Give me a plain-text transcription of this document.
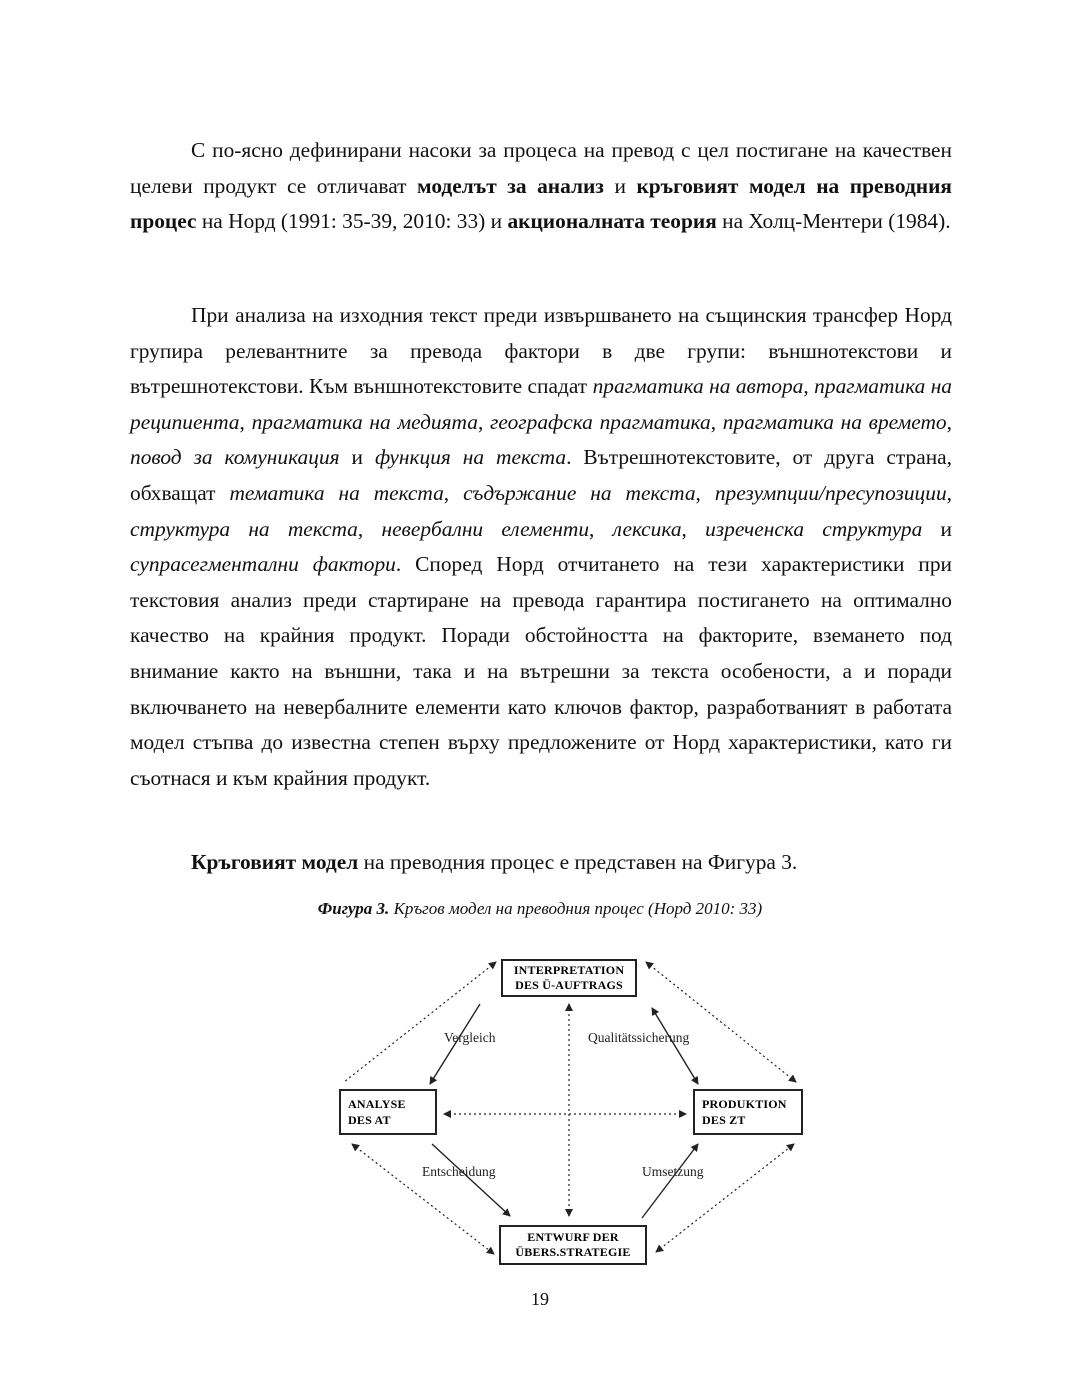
С по-ясно дефинирани насоки за процеса на превод с цел постигане на качествен целеви продукт се отличават моделът за анализ и кръговият модел на преводния процес на Норд (1991: 35-39, 2010: 33) и акционалната теория на Холц-Ментери (1984).

При анализа на изходния текст преди извършването на същинския трансфер Норд групира релевантните за превода фактори в две групи: външнотекстови и вътрешнотекстови. Към външнотекстовите спадат прагматика на автора, прагматика на реципиента, прагматика на медията, географска прагматика, прагматика на времето, повод за комуникация и функция на текста. Вътрешнотекстовите, от друга страна, обхващат тематика на текста, съдържание на текста, презумпции/пресупозиции, структура на текста, невербални елементи, лексика, изреченска структура и супрасегментални фактори. Според Норд отчитането на тези характеристики при текстовия анализ преди стартиране на превода гарантира постигането на оптимално качество на крайния продукт. Поради обстойността на факторите, вземането под внимание както на външни, така и на вътрешни за текста особености, а и поради включването на невербалните елементи като ключов фактор, разработваният в работата модел стъпва до известна степен върху предложените от Норд характеристики, като ги съотнася и към крайния продукт.

Кръговият модел на преводния процес е представен на Фигура 3.

Фигура 3. Кръгов модел на преводния процес (Норд 2010: 33)
INTERPRETATION
DES Ü-AUFTRAGS
ANALYSE
DES AT
PRODUKTION
DES ZT
ENTWURF DER
ÜBERS.STRATEGIE
Vergleich	Qualitätssicherung
Entscheidung	Umsetzung
19
